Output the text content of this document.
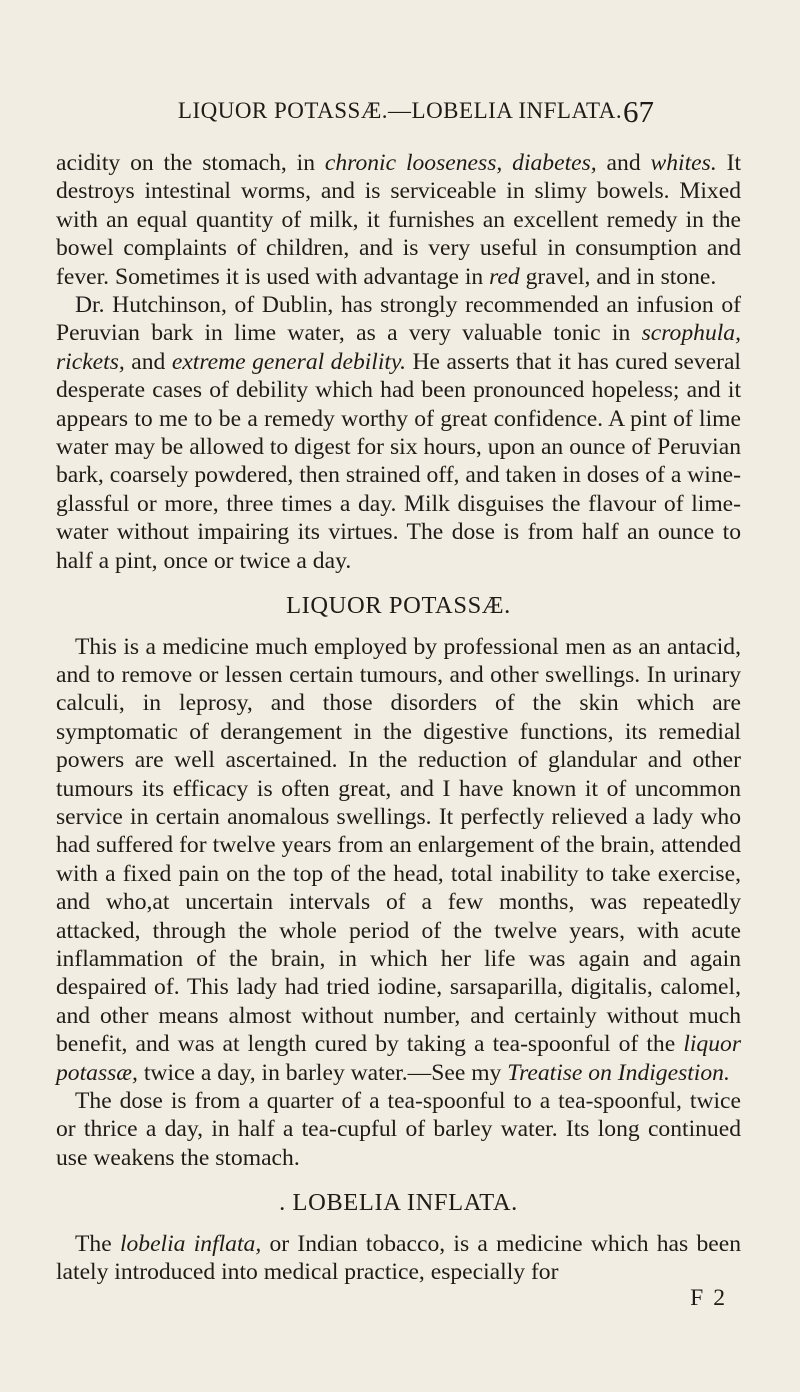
LIQUOR POTASSÆ.—LOBELIA INFLATA. 67

acidity on the stomach, in chronic looseness, diabetes, and whites. It destroys intestinal worms, and is serviceable in slimy bowels. Mixed with an equal quantity of milk, it furnishes an excellent remedy in the bowel complaints of children, and is very useful in consumption and fever. Sometimes it is used with advantage in red gravel, and in stone.

Dr. Hutchinson, of Dublin, has strongly recommended an infusion of Peruvian bark in lime water, as a very valuable tonic in scrophula, rickets, and extreme general debility. He asserts that it has cured several desperate cases of debility which had been pronounced hopeless; and it appears to me to be a remedy worthy of great confidence. A pint of lime water may be allowed to digest for six hours, upon an ounce of Peruvian bark, coarsely powdered, then strained off, and taken in doses of a wine-glassful or more, three times a day. Milk disguises the flavour of lime-water without impairing its virtues. The dose is from half an ounce to half a pint, once or twice a day.

LIQUOR POTASSÆ.

This is a medicine much employed by professional men as an antacid, and to remove or lessen certain tumours, and other swellings. In urinary calculi, in leprosy, and those disorders of the skin which are symptomatic of derangement in the digestive functions, its remedial powers are well ascertained. In the reduction of glandular and other tumours its efficacy is often great, and I have known it of uncommon service in certain anomalous swellings. It perfectly relieved a lady who had suffered for twelve years from an enlargement of the brain, attended with a fixed pain on the top of the head, total inability to take exercise, and who,at uncertain intervals of a few months, was repeatedly attacked, through the whole period of the twelve years, with acute inflammation of the brain, in which her life was again and again despaired of. This lady had tried iodine, sarsaparilla, digitalis, calomel, and other means almost without number, and certainly without much benefit, and was at length cured by taking a tea-spoonful of the liquor potassæ, twice a day, in barley water.—See my Treatise on Indigestion.

The dose is from a quarter of a tea-spoonful to a tea-spoonful, twice or thrice a day, in half a tea-cupful of barley water. Its long continued use weakens the stomach.

. LOBELIA INFLATA.

The lobelia inflata, or Indian tobacco, is a medicine which has been lately introduced into medical practice, especially for

F 2
